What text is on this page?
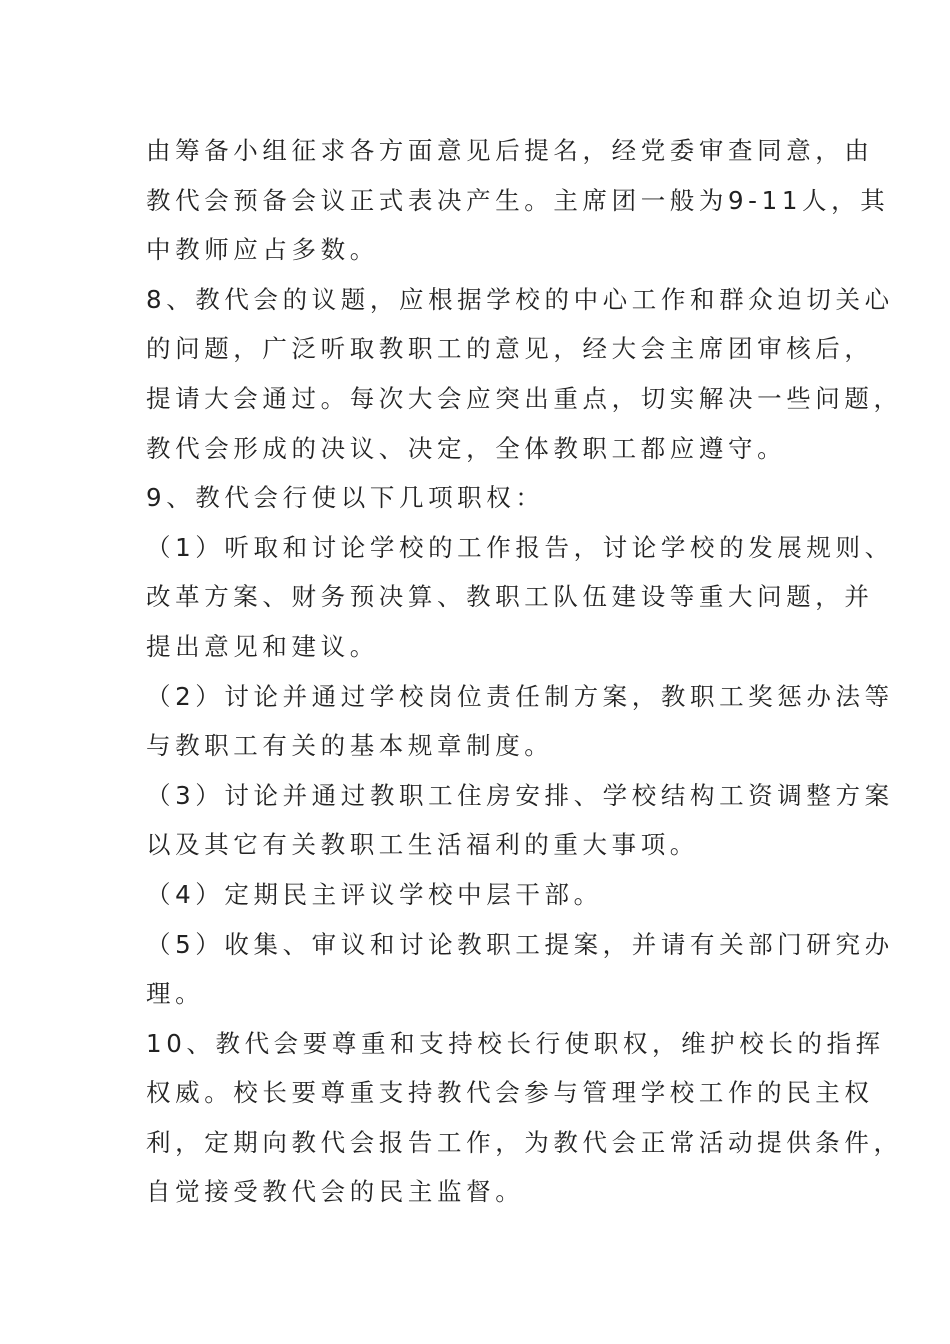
由筹备小组征求各方面意见后提名，经党委审查同意，由
教代会预备会议正式表决产生。主席团一般为9-11人，其
中教师应占多数。
8、教代会的议题，应根据学校的中心工作和群众迫切关心
的问题，广泛听取教职工的意见，经大会主席团审核后，
提请大会通过。每次大会应突出重点，切实解决一些问题，
教代会形成的决议、决定，全体教职工都应遵守。
9、教代会行使以下几项职权：
（1）听取和讨论学校的工作报告，讨论学校的发展规则、
改革方案、财务预决算、教职工队伍建设等重大问题，并
提出意见和建议。
（2）讨论并通过学校岗位责任制方案，教职工奖惩办法等
与教职工有关的基本规章制度。
（3）讨论并通过教职工住房安排、学校结构工资调整方案
以及其它有关教职工生活福利的重大事项。
（4）定期民主评议学校中层干部。
（5）收集、审议和讨论教职工提案，并请有关部门研究办
理。
10、教代会要尊重和支持校长行使职权，维护校长的指挥
权威。校长要尊重支持教代会参与管理学校工作的民主权
利，定期向教代会报告工作，为教代会正常活动提供条件，
自觉接受教代会的民主监督。
